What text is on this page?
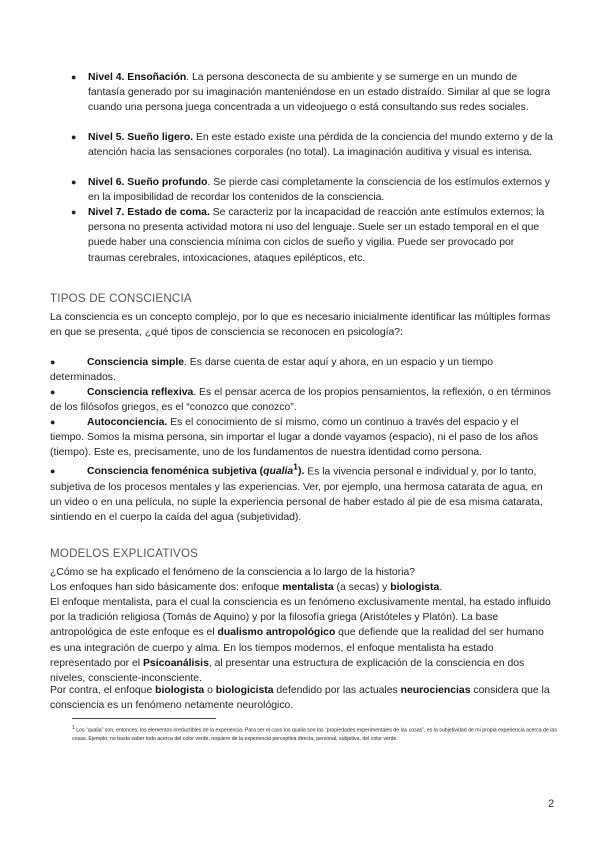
● Nivel 4. Ensoñación. La persona desconecta de su ambiente y se sumerge en un mundo de fantasía generado por su imaginación manteniéndose en un estado distraído. Similar al que se logra cuando una persona juega concentrada a un videojuego o está consultando sus redes sociales.
● Nivel 5. Sueño ligero. En este estado existe una pérdida de la conciencia del mundo externo y de la atención hacia las sensaciones corporales (no total). La imaginación auditiva y visual es intensa.
● Nivel 6. Sueño profundo. Se pierde casi completamente la consciencia de los estímulos externos y en la imposibilidad de recordar los contenidos de la consciencia.
● Nivel 7. Estado de coma. Se caracteriz por la incapacidad de reacción ante estímulos externos; la persona no presenta actividad motora ni uso del lenguaje. Suele ser un estado temporal en el que puede haber una consciencia mínima con ciclos de sueño y vigilia. Puede ser provocado por traumas cerebrales, intoxicaciones, ataques epilépticos, etc.
TIPOS DE CONSCIENCIA
La consciencia es un concepto complejo, por lo que es necesario inicialmente identificar las múltiples formas en que se presenta, ¿qué tipos de consciencia se reconocen en psicología?:
●	Consciencia simple. Es darse cuenta de estar aquí y ahora, en un espacio y un tiempo determinados.
●	Consciencia reflexiva. Es el pensar acerca de los propios pensamientos, la reflexión, o en términos de los filósofos griegos, es el “conozco que conozco”.
●	Autoconciencia. Es el conocimiento de sí mismo, como un continuo a través del espacio y el tiempo. Somos la misma persona, sin importar el lugar a donde vayamos (espacio), ni el paso de los años (tiempo). Este es, precisamente, uno de los fundamentos de nuestra identidad como persona.
●	Consciencia fenoménica subjetiva (qualia$^1$). Es la vivencia personal e individual y, por lo tanto, subjetiva de los procesos mentales y las experiencias. Ver, por ejemplo, una hermosa catarata de agua, en un video o en una película, no suple la experiencia personal de haber estado al pie de esa misma catarata, sintiendo en el cuerpo la caída del agua (subjetividad).
MODELOS EXPLICATIVOS
¿Cómo se ha explicado el fenómeno de la consciencia a lo largo de la historia?
Los enfoques han sido básicamente dos: enfoque mentalista (a secas) y biologista.
El enfoque mentalista, para el cual la consciencia es un fenómeno exclusivamente mental, ha estado influido por la tradición religiosa (Tomás de Aquino) y por la filosofía griega (Aristóteles y Platón). La base antropológica de este enfoque es el dualismo antropológico que defiende que la realidad del ser humano es una integración de cuerpo y alma. En los tiempos modernos, el enfoque mentalista ha estado representado por el Psicoanálisis, al presentar una estructura de explicación de la consciencia en dos niveles, consciente-inconsciente.
Por contra, el enfoque biologista o biologicista defendido por las actuales neurociencias considera que la consciencia es un fenómeno netamente neurológico.
$^1$ Los “qualia” son, entonces, los elementos irreductibles de la experiencia. Para ser el caso los qualia son las “propiedades experimentales de las cosas”, es la subjetividad de mi propia experiencia acerca de las cosas. Ejemplo, no basta saber todo acerca del color verde, requiero de la experiencia perceptiva directa, personal, subjetiva, del color verde.
2
